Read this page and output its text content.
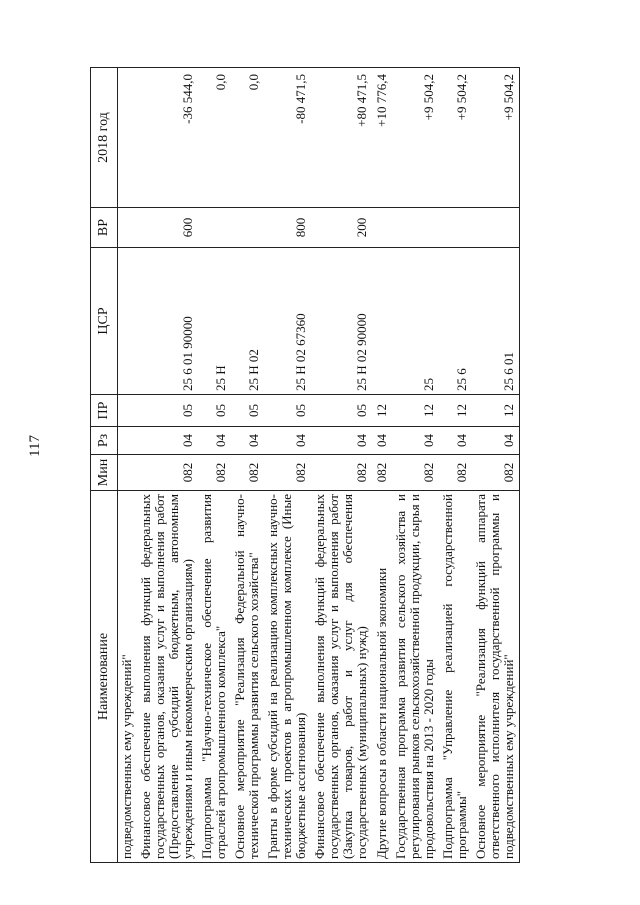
117
Наименование	Мин	Рз	ПР	ЦСР	ВР	2018 год
подведомственных ему учреждений"						
Финансовое обеспечение выполнения функций федеральных государственных органов, оказания услуг и выполнения работ (Предоставление субсидий бюджетным, автономным учреждениям и иным некоммерческим организациям)	082	04	05	25 6 01 90000	600	-36 544,0
Подпрограмма "Научно-техническое обеспечение развития отраслей агропромышленного комплекса"	082	04	05	25 Н		0,0
Основное мероприятие "Реализация Федеральной научно-технической программы развития сельского хозяйства"	082	04	05	25 Н 02		0,0
Гранты в форме субсидий на реализацию комплексных научно-технических проектов в агропромышленном комплексе (Иные бюджетные ассигнования)	082	04	05	25 Н 02 67360	800	-80 471,5
Финансовое обеспечение выполнения функций федеральных государственных органов, оказания услуг и выполнения работ (Закупка товаров, работ и услуг для обеспечения государственных (муниципальных) нужд)	082	04	05	25 Н 02 90000	200	+80 471,5
Другие вопросы в области национальной экономики	082	04	12			+10 776,4
Государственная программа развития сельского хозяйства и регулирования рынков сельскохозяйственной продукции, сырья и продовольствия на 2013 - 2020 годы	082	04	12	25		+9 504,2
Подпрограмма "Управление реализацией государственной программы"	082	04	12	25 6		+9 504,2
Основное мероприятие "Реализация функций аппарата ответственного исполнителя государственной программы и подведомственных ему учреждений"	082	04	12	25 6 01		+9 504,2
